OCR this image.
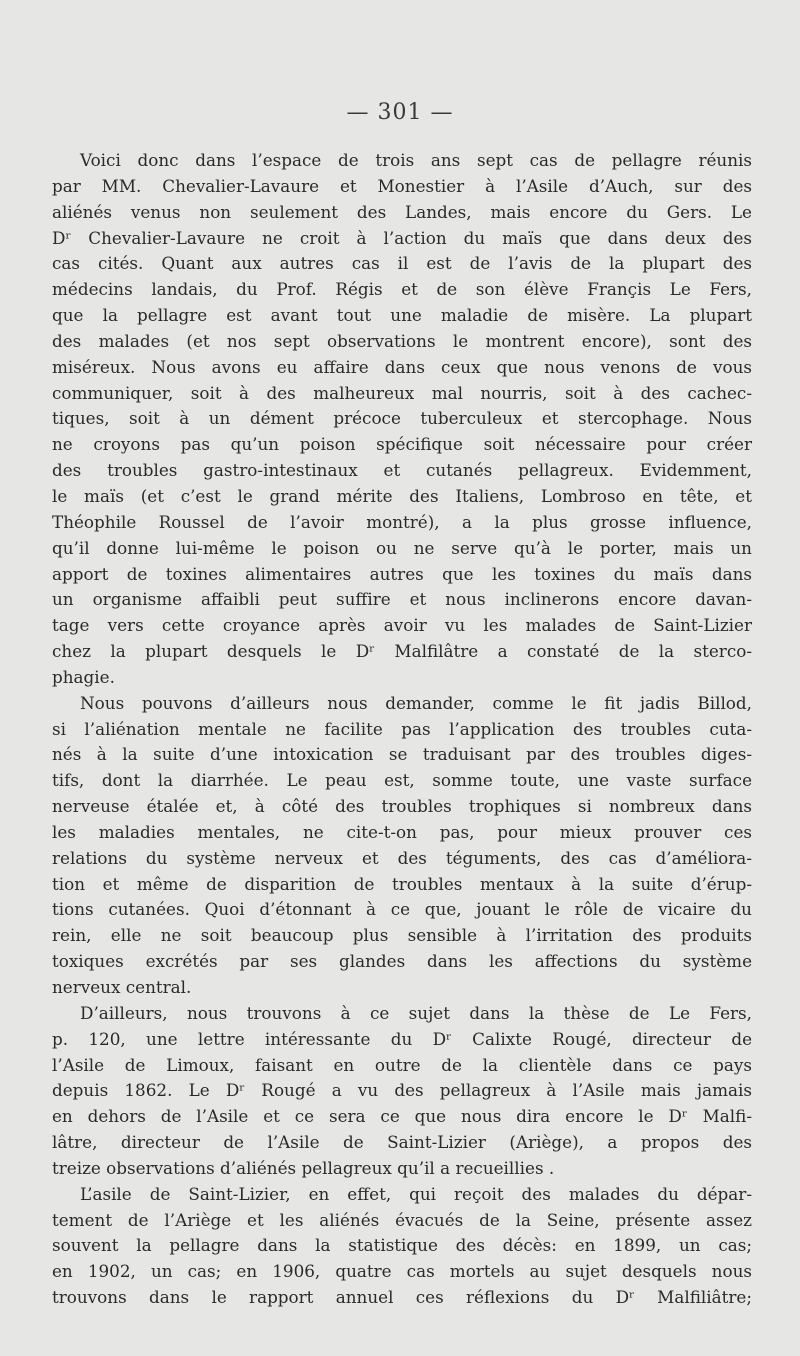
— 301 —
Voici donc dans l’espace de trois ans sept cas de pellagre réunis
par MM. Chevalier-Lavaure et Monestier à l’Asile d’Auch, sur des
aliénés venus non seulement des Landes, mais encore du Gers. Le
Dʳ Chevalier-Lavaure ne croit à l’action du maïs que dans deux des
cas cités. Quant aux autres cas il est de l’avis de la plupart des
médecins landais, du Prof. Régis et de son élève Françis Le Fers,
que la pellagre est avant tout une maladie de misère. La plupart
des malades (et nos sept observations le montrent encore), sont des
miséreux. Nous avons eu affaire dans ceux que nous venons de vous
communiquer, soit à des malheureux mal nourris, soit à des cachec-
tiques, soit à un dément précoce tuberculeux et stercophage. Nous
ne croyons pas qu’un poison spécifique soit nécessaire pour créer
des troubles gastro-intestinaux et cutanés pellagreux. Evidemment,
le maïs (et c’est le grand mérite des Italiens, Lombroso en tête, et
Théophile Roussel de l’avoir montré), a la plus grosse influence,
qu’il donne lui-même le poison ou ne serve qu’à le porter, mais un
apport de toxines alimentaires autres que les toxines du maïs dans
un organisme affaibli peut suffire et nous inclinerons encore davan-
tage vers cette croyance après avoir vu les malades de Saint-Lizier
chez la plupart desquels le Dʳ Malfilâtre a constaté de la sterco-
phagie.
Nous pouvons d’ailleurs nous demander, comme le fit jadis Billod,
si l’aliénation mentale ne facilite pas l’application des troubles cuta-
nés à la suite d’une intoxication se traduisant par des troubles diges-
tifs, dont la diarrhée. Le peau est, somme toute, une vaste surface
nerveuse étalée et, à côté des troubles trophiques si nombreux dans
les maladies mentales, ne cite-t-on pas, pour mieux prouver ces
relations du système nerveux et des téguments, des cas d’améliora-
tion et même de disparition de troubles mentaux à la suite d’érup-
tions cutanées. Quoi d’étonnant à ce que, jouant le rôle de vicaire du
rein, elle ne soit beaucoup plus sensible à l’irritation des produits
toxiques excrétés par ses glandes dans les affections du système
nerveux central.
D’ailleurs, nous trouvons à ce sujet dans la thèse de Le Fers,
p. 120, une lettre intéressante du Dʳ Calixte Rougé, directeur de
l’Asile de Limoux, faisant en outre de la clientèle dans ce pays
depuis 1862. Le Dʳ Rougé a vu des pellagreux à l’Asile mais jamais
en dehors de l’Asile et ce sera ce que nous dira encore le Dʳ Malfi-
lâtre, directeur de l’Asile de Saint-Lizier (Ariège), a propos des
treize observations d’aliénés pellagreux qu’il a recueillies .
L’asile de Saint-Lizier, en effet, qui reçoit des malades du dépar-
tement de l’Ariège et les aliénés évacués de la Seine, présente assez
souvent la pellagre dans la statistique des décès: en 1899, un cas;
en 1902, un cas; en 1906, quatre cas mortels au sujet desquels nous
trouvons dans le rapport annuel ces réflexions du Dʳ Malfiliâtre;
